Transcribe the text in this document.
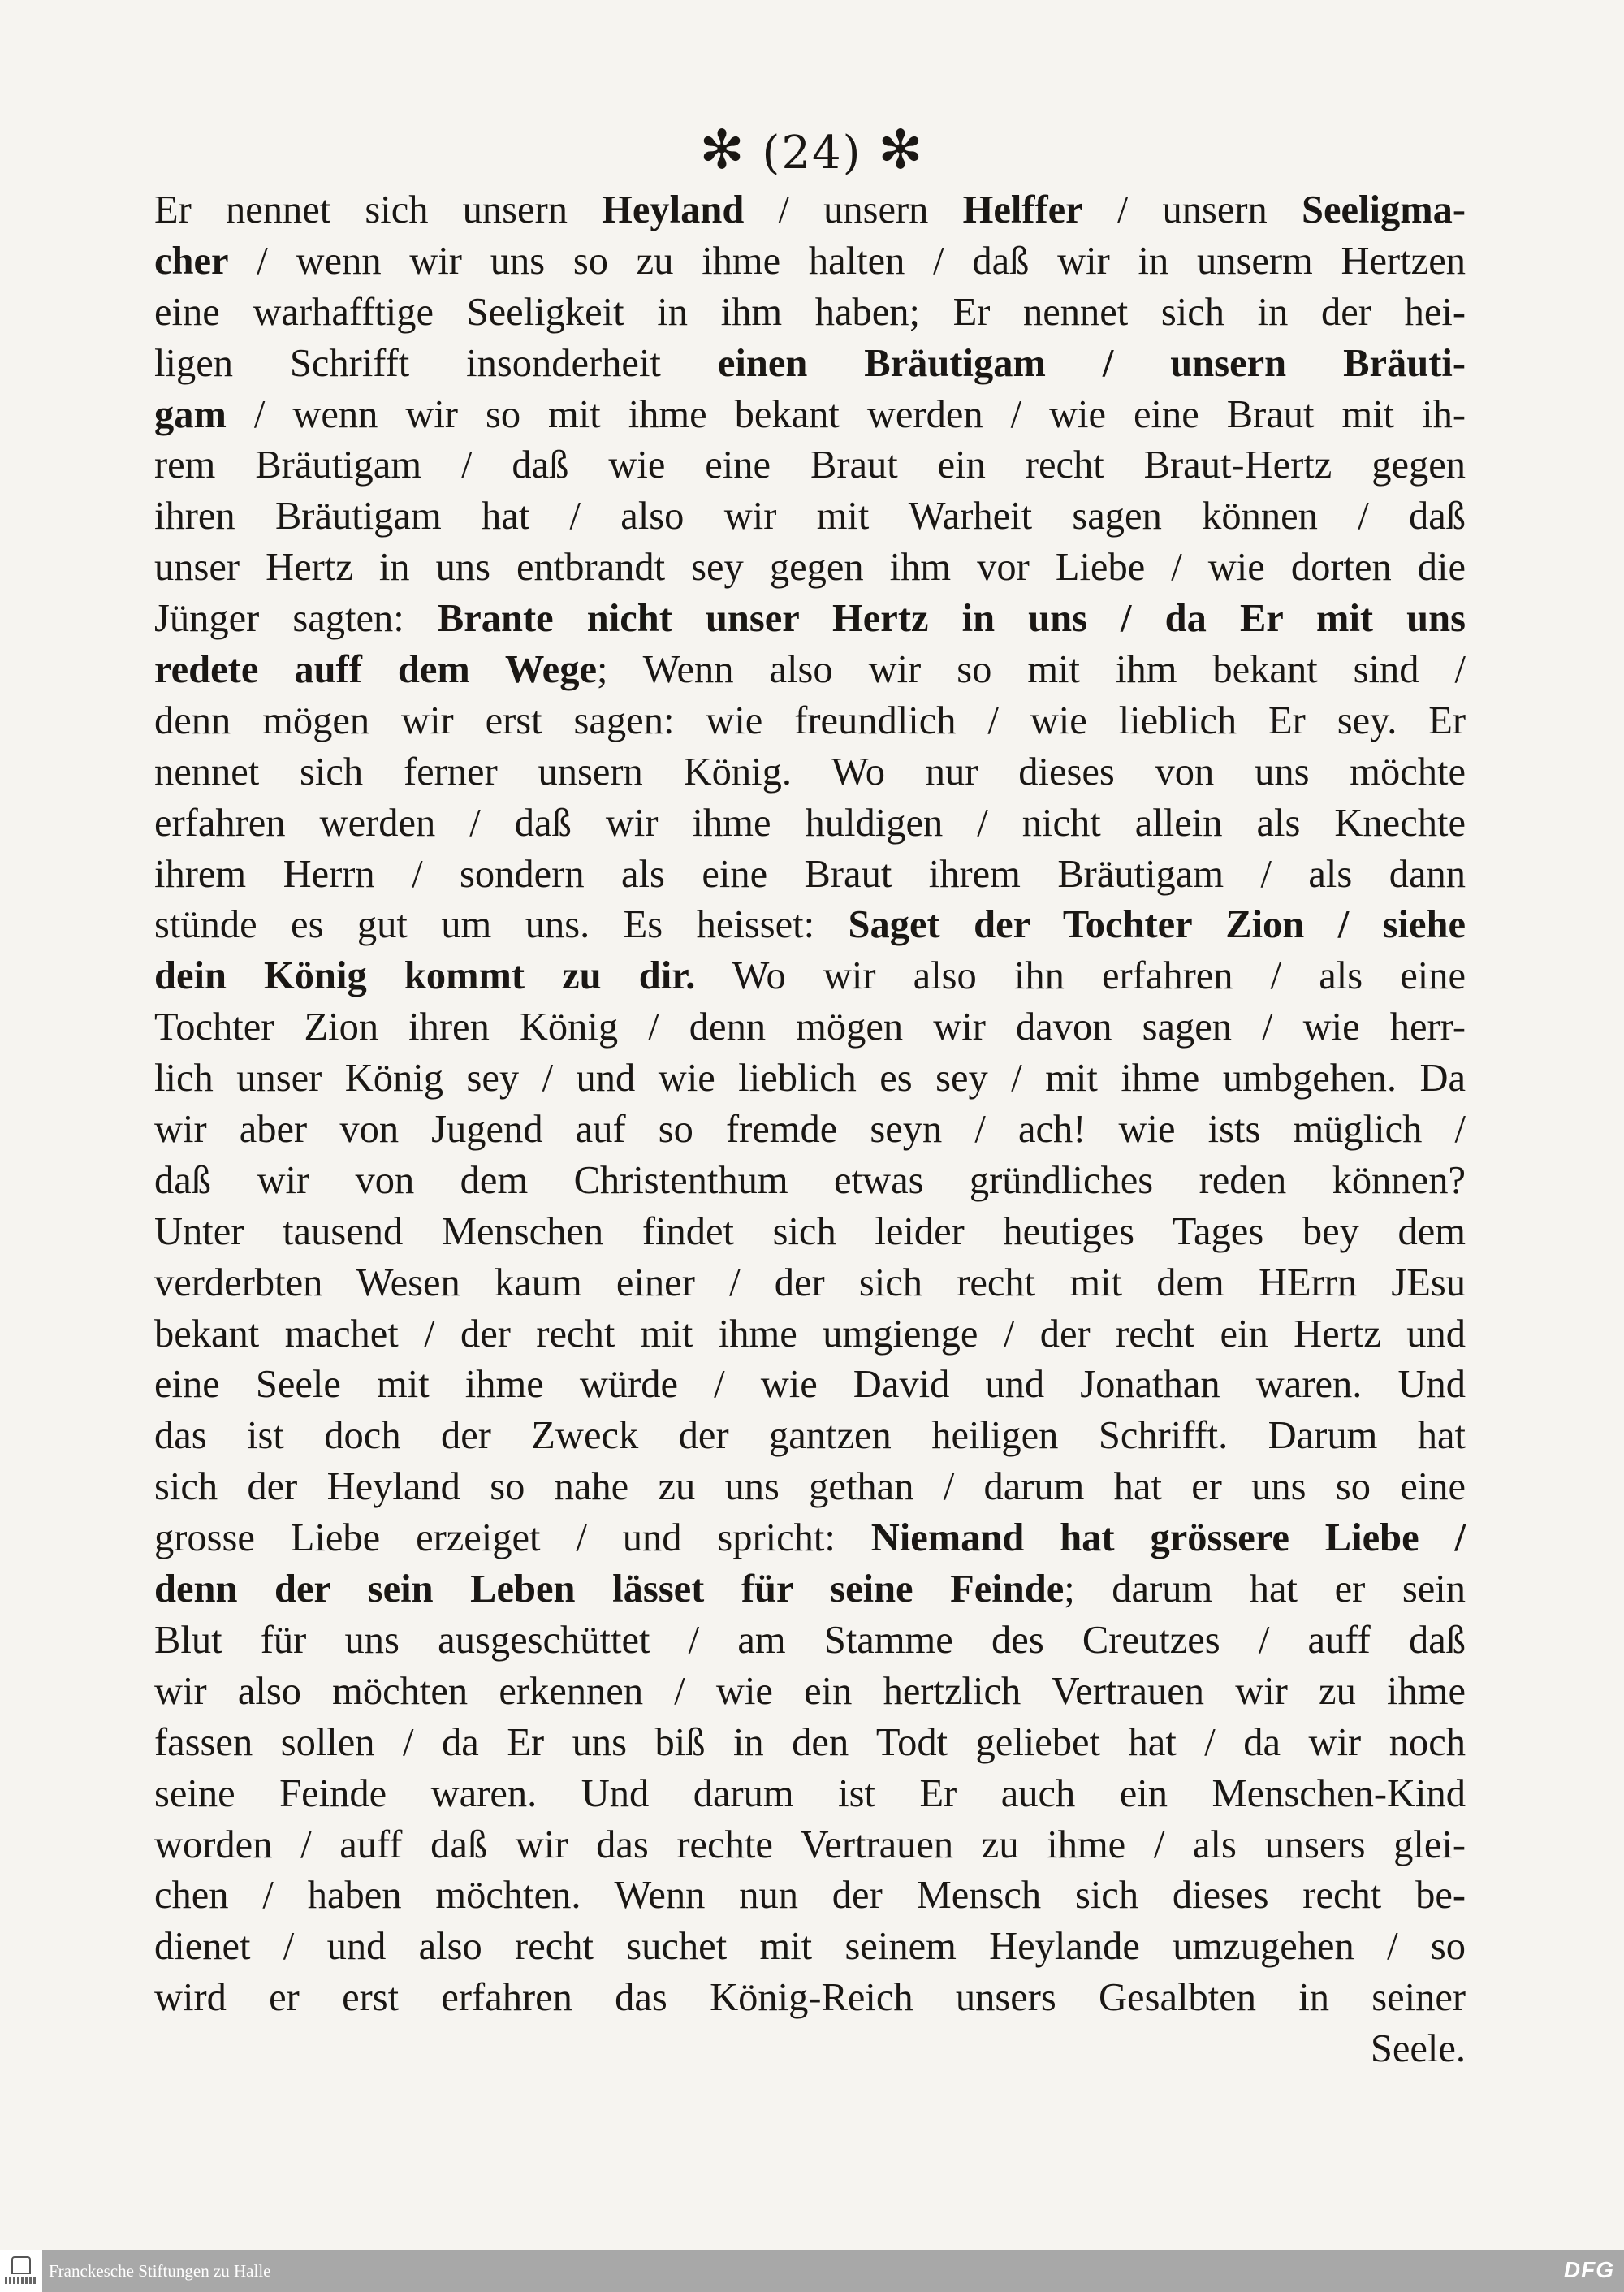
✻ (24) ✻
Er nennet sich unsern Heyland / unsern Helffer / unsern Seeligma-
cher / wenn wir uns so zu ihme halten / daß wir in unserm Hertzen
eine warhafftige Seeligkeit in ihm haben; Er nennet sich in der hei-
ligen Schrifft insonderheit einen Bräutigam / unsern Bräuti-
gam / wenn wir so mit ihme bekant werden / wie eine Braut mit ih-
rem Bräutigam / daß wie eine Braut ein recht Braut-Hertz gegen
ihren Bräutigam hat / also wir mit Warheit sagen können / daß
unser Hertz in uns entbrandt sey gegen ihm vor Liebe / wie dorten die
Jünger sagten: Brante nicht unser Hertz in uns / da Er mit uns
redete auff dem Wege; Wenn also wir so mit ihm bekant sind /
denn mögen wir erst sagen: wie freundlich / wie lieblich Er sey. Er
nennet sich ferner unsern König. Wo nur dieses von uns möchte
erfahren werden / daß wir ihme huldigen / nicht allein als Knechte
ihrem Herrn / sondern als eine Braut ihrem Bräutigam / als dann
stünde es gut um uns. Es heisset: Saget der Tochter Zion / siehe
dein König kommt zu dir. Wo wir also ihn erfahren / als eine
Tochter Zion ihren König / denn mögen wir davon sagen / wie herr-
lich unser König sey / und wie lieblich es sey / mit ihme umbgehen. Da
wir aber von Jugend auf so fremde seyn / ach! wie ists müglich /
daß wir von dem Christenthum etwas gründliches reden können?
Unter tausend Menschen findet sich leider heutiges Tages bey dem
verderbten Wesen kaum einer / der sich recht mit dem HErrn JEsu
bekant machet / der recht mit ihme umgienge / der recht ein Hertz und
eine Seele mit ihme würde / wie David und Jonathan waren. Und
das ist doch der Zweck der gantzen heiligen Schrifft. Darum hat
sich der Heyland so nahe zu uns gethan / darum hat er uns so eine
grosse Liebe erzeiget / und spricht: Niemand hat grössere Liebe /
denn der sein Leben lässet für seine Feinde; darum hat er sein
Blut für uns ausgeschüttet / am Stamme des Creutzes / auff daß
wir also möchten erkennen / wie ein hertzlich Vertrauen wir zu ihme
fassen sollen / da Er uns biß in den Todt geliebet hat / da wir noch
seine Feinde waren. Und darum ist Er auch ein Menschen-Kind
worden / auff daß wir das rechte Vertrauen zu ihme / als unsers glei-
chen / haben möchten. Wenn nun der Mensch sich dieses recht be-
dienet / und also recht suchet mit seinem Heylande umzugehen / so
wird er erst erfahren das König-Reich unsers Gesalbten in seiner
Seele.
Franckesche Stiftungen zu Halle	DFG
